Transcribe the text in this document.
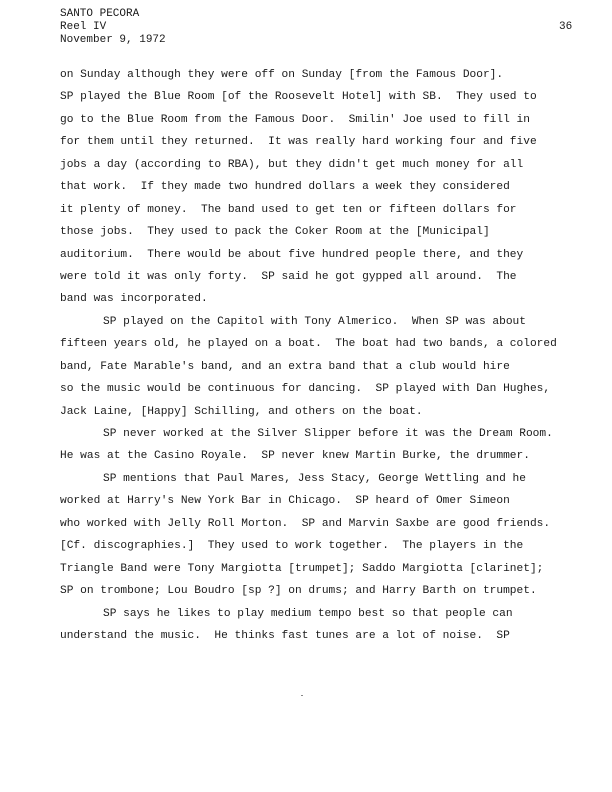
SANTO PECORA
Reel IV
November 9, 1972
36
on Sunday although they were off on Sunday [from the Famous Door].
SP played the Blue Room [of the Roosevelt Hotel] with SB.  They used to
go to the Blue Room from the Famous Door.  Smilin' Joe used to fill in
for them until they returned.  It was really hard working four and five
jobs a day (according to RBA), but they didn't get much money for all
that work.  If they made two hundred dollars a week they considered
it plenty of money.  The band used to get ten or fifteen dollars for
those jobs.  They used to pack the Coker Room at the [Municipal]
auditorium.  There would be about five hundred people there, and they
were told it was only forty.  SP said he got gypped all around.  The
band was incorporated.
SP played on the Capitol with Tony Almerico.  When SP was about
fifteen years old, he played on a boat.  The boat had two bands, a colored
band, Fate Marable's band, and an extra band that a club would hire
so the music would be continuous for dancing.  SP played with Dan Hughes,
Jack Laine, [Happy] Schilling, and others on the boat.
SP never worked at the Silver Slipper before it was the Dream Room.
He was at the Casino Royale.  SP never knew Martin Burke, the drummer.
SP mentions that Paul Mares, Jess Stacy, George Wettling and he
worked at Harry's New York Bar in Chicago.  SP heard of Omer Simeon
who worked with Jelly Roll Morton.  SP and Marvin Saxbe are good friends.
[Cf. discographies.]  They used to work together.  The players in the
Triangle Band were Tony Margiotta [trumpet]; Saddo Margiotta [clarinet];
SP on trombone; Lou Boudro [sp ?] on drums; and Harry Barth on trumpet.
SP says he likes to play medium tempo best so that people can
understand the music.  He thinks fast tunes are a lot of noise.  SP
